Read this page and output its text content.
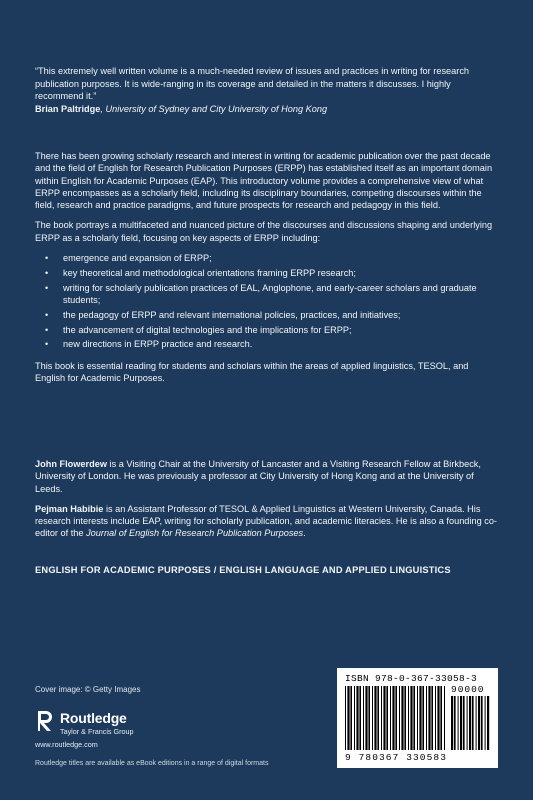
“This extremely well written volume is a much-needed review of issues and practices in writing for research publication purposes. It is wide-ranging in its coverage and detailed in the matters it discusses. I highly recommend it.”
Brian Paltridge, University of Sydney and City University of Hong Kong

There has been growing scholarly research and interest in writing for academic publication over the past decade and the field of English for Research Publication Purposes (ERPP) has established itself as an important domain within English for Academic Purposes (EAP). This introductory volume provides a comprehensive view of what ERPP encompasses as a scholarly field, including its disciplinary boundaries, competing discourses within the field, research and practice paradigms, and future prospects for research and pedagogy in this field.

The book portrays a multifaceted and nuanced picture of the discourses and discussions shaping and underlying ERPP as a scholarly field, focusing on key aspects of ERPP including:

• emergence and expansion of ERPP;
• key theoretical and methodological orientations framing ERPP research;
• writing for scholarly publication practices of EAL, Anglophone, and early-career scholars and graduate students;
• the pedagogy of ERPP and relevant international policies, practices, and initiatives;
• the advancement of digital technologies and the implications for ERPP;
• new directions in ERPP practice and research.

This book is essential reading for students and scholars within the areas of applied linguistics, TESOL, and English for Academic Purposes.

John Flowerdew is a Visiting Chair at the University of Lancaster and a Visiting Research Fellow at Birkbeck, University of London. He was previously a professor at City University of Hong Kong and at the University of Leeds.

Pejman Habibie is an Assistant Professor of TESOL & Applied Linguistics at Western University, Canada. His research interests include EAP, writing for scholarly publication, and academic literacies. He is also a founding co-editor of the Journal of English for Research Publication Purposes.

ENGLISH FOR ACADEMIC PURPOSES / ENGLISH LANGUAGE AND APPLIED LINGUISTICS
Cover image: © Getty Images
Routledge
Taylor & Francis Group
www.routledge.com
Routledge titles are available as eBook editions in a range of digital formats
ISBN 978-0-367-33058-3
90000
9 780367 330583
